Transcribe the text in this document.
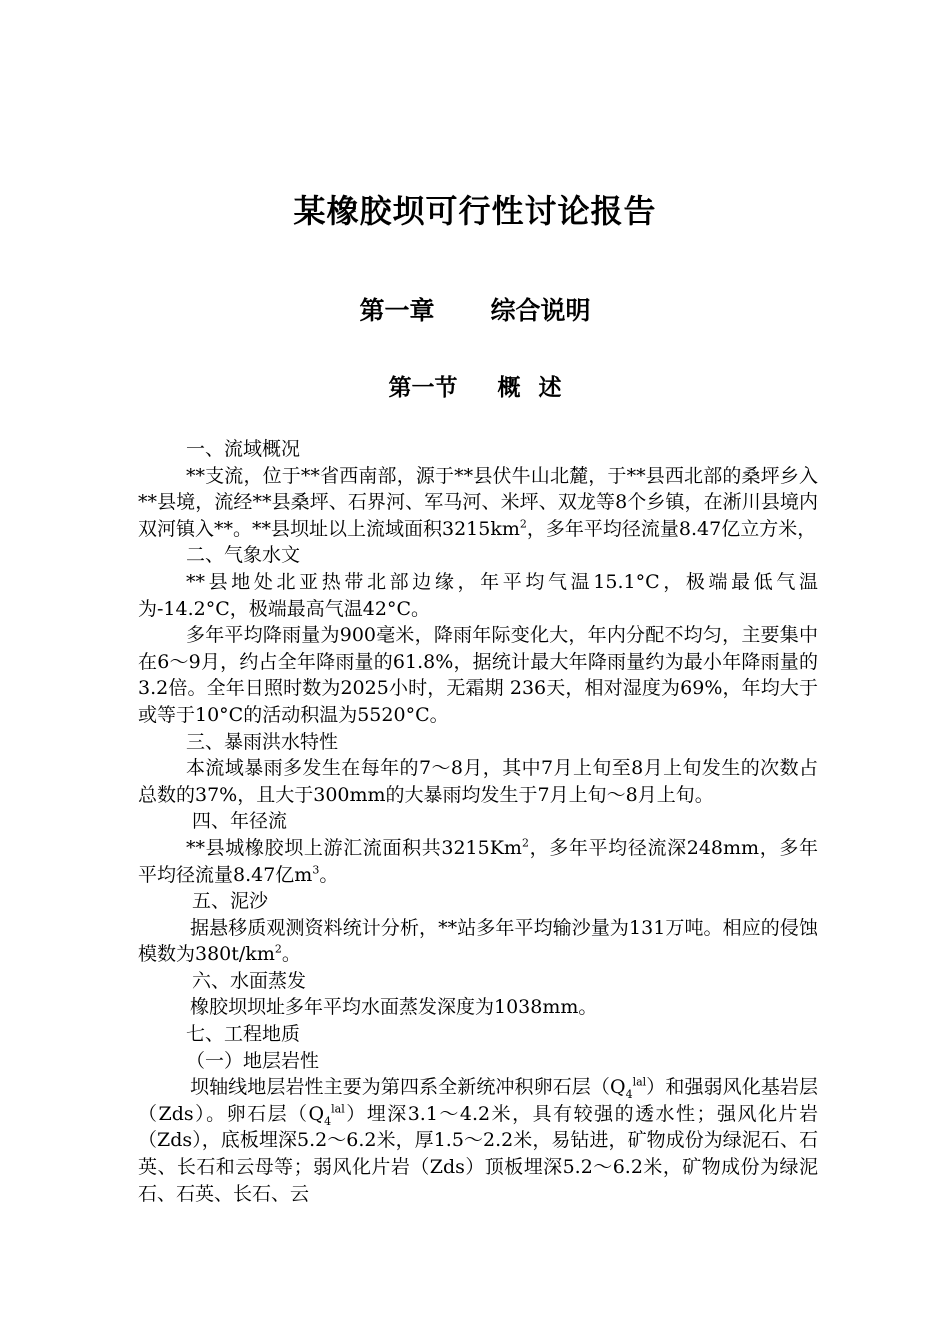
某橡胶坝可行性讨论报告
第一章 综合说明
第一节 概 述

一、流域概况

**支流，位于**省西南部，源于**县伏牛山北麓，于**县西北部的桑坪乡入**县境，流经**县桑坪、石界河、军马河、米坪、双龙等8个乡镇，在淅川县境内双河镇入**。**县坝址以上流域面积$3215km^2$，多年平均径流量8.47亿立方米，

二、气象水文

**县地处北亚热带北部边缘，年平均气温15.1°C，极端最低气温为-14.2°C，极端最高气温42°C。

多年平均降雨量为900毫米，降雨年际变化大，年内分配不均匀，主要集中在6～9月，约占全年降雨量的61.8%，据统计最大年降雨量约为最小年降雨量的3.2倍。全年日照时数为2025小时，无霜期 236天，相对湿度为69%，年均大于或等于10°C的活动积温为5520°C。

三、暴雨洪水特性

本流域暴雨多发生在每年的7～8月，其中7月上旬至8月上旬发生的次数占总数的37%，且大于300mm的大暴雨均发生于7月上旬～8月上旬。

四、年径流

**县城橡胶坝上游汇流面积共3215Km$^2$，多年平均径流深248mm，多年平均径流量8.47亿$m^3$。

五、泥沙

据悬移质观测资料统计分析，**站多年平均输沙量为131万吨。相应的侵蚀模数为$380t/km^2$。

六、水面蒸发

橡胶坝坝址多年平均水面蒸发深度为1038mm。

七、工程地质

（一）地层岩性

坝轴线地层岩性主要为第四系全新统冲积卵石层$(Q_4^{lal})$和强弱风化基岩层（Zds）。卵石层$(Q_4^{lal})$埋深3.1～4.2米，具有较强的透水性；强风化片岩（Zds），底板埋深5.2～6.2米，厚1.5～2.2米，易钻进，矿物成份为绿泥石、石英、长石和云母等；弱风化片岩（Zds）顶板埋深5.2～6.2米，矿物成份为绿泥石、石英、长石、云
